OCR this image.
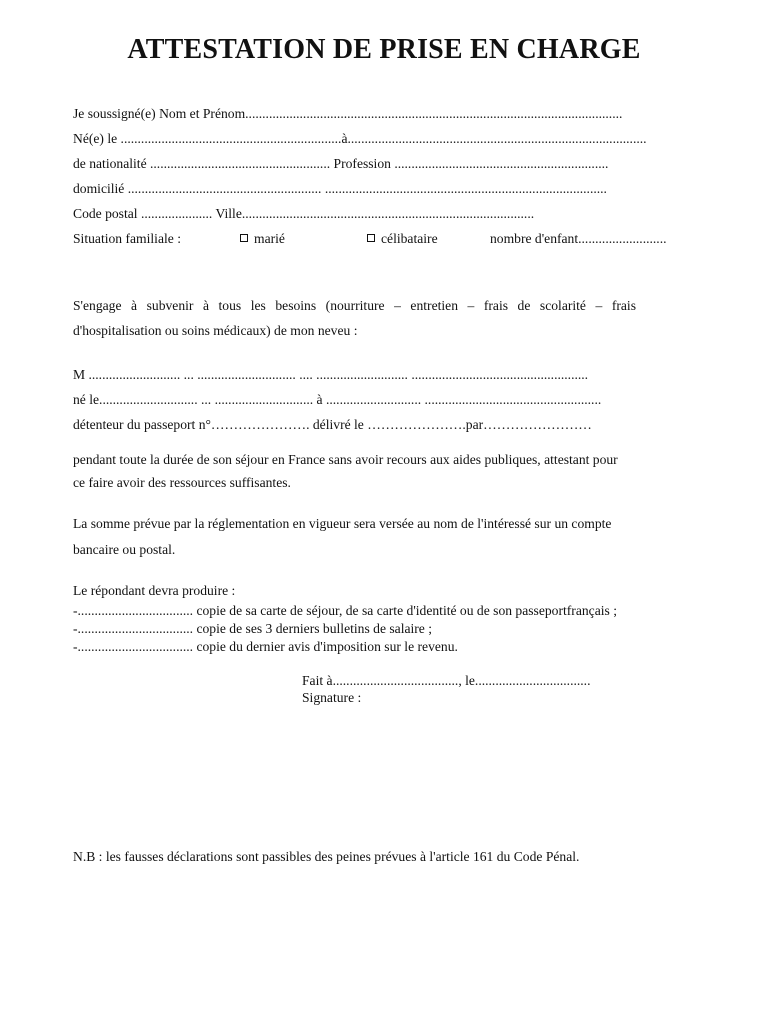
ATTESTATION DE PRISE EN CHARGE
Je soussigné(e) Nom et Prénom...............................................................................................................
Né(e) le .................................................................à........................................................................................
de nationalité ..................................................... Profession ...............................................................
domicilié ......................................................... ...................................................................................
Code postal ..................... Ville......................................................................................
Situation familiale :	marié	célibataire	nombre d'enfant..........................
S'engage à subvenir à tous les besoins (nourriture – entretien – frais de scolarité – frais
d'hospitalisation ou soins médicaux) de mon neveu :
M ........................... ... ............................. .... ........................... ....................................................
né le............................. ... ............................. à ............................ ....................................................
détenteur du passeport n°…………………. délivré le ………………….par……………………
pendant toute la durée de son séjour en France sans avoir recours aux aides publiques, attestant pour
ce faire avoir des ressources suffisantes.
La somme prévue par la réglementation en vigueur sera versée au nom de l'intéressé sur un compte
bancaire ou postal.
Le répondant devra produire :
-.................................. copie de sa carte de séjour, de sa carte d'identité ou de son passeportfrançais ;
-.................................. copie de ses 3 derniers bulletins de salaire ;
-.................................. copie du dernier avis d'imposition sur le revenu.
Fait à....................................., le..................................
Signature :
N.B : les fausses déclarations sont passibles des peines prévues à l'article 161 du Code Pénal.
